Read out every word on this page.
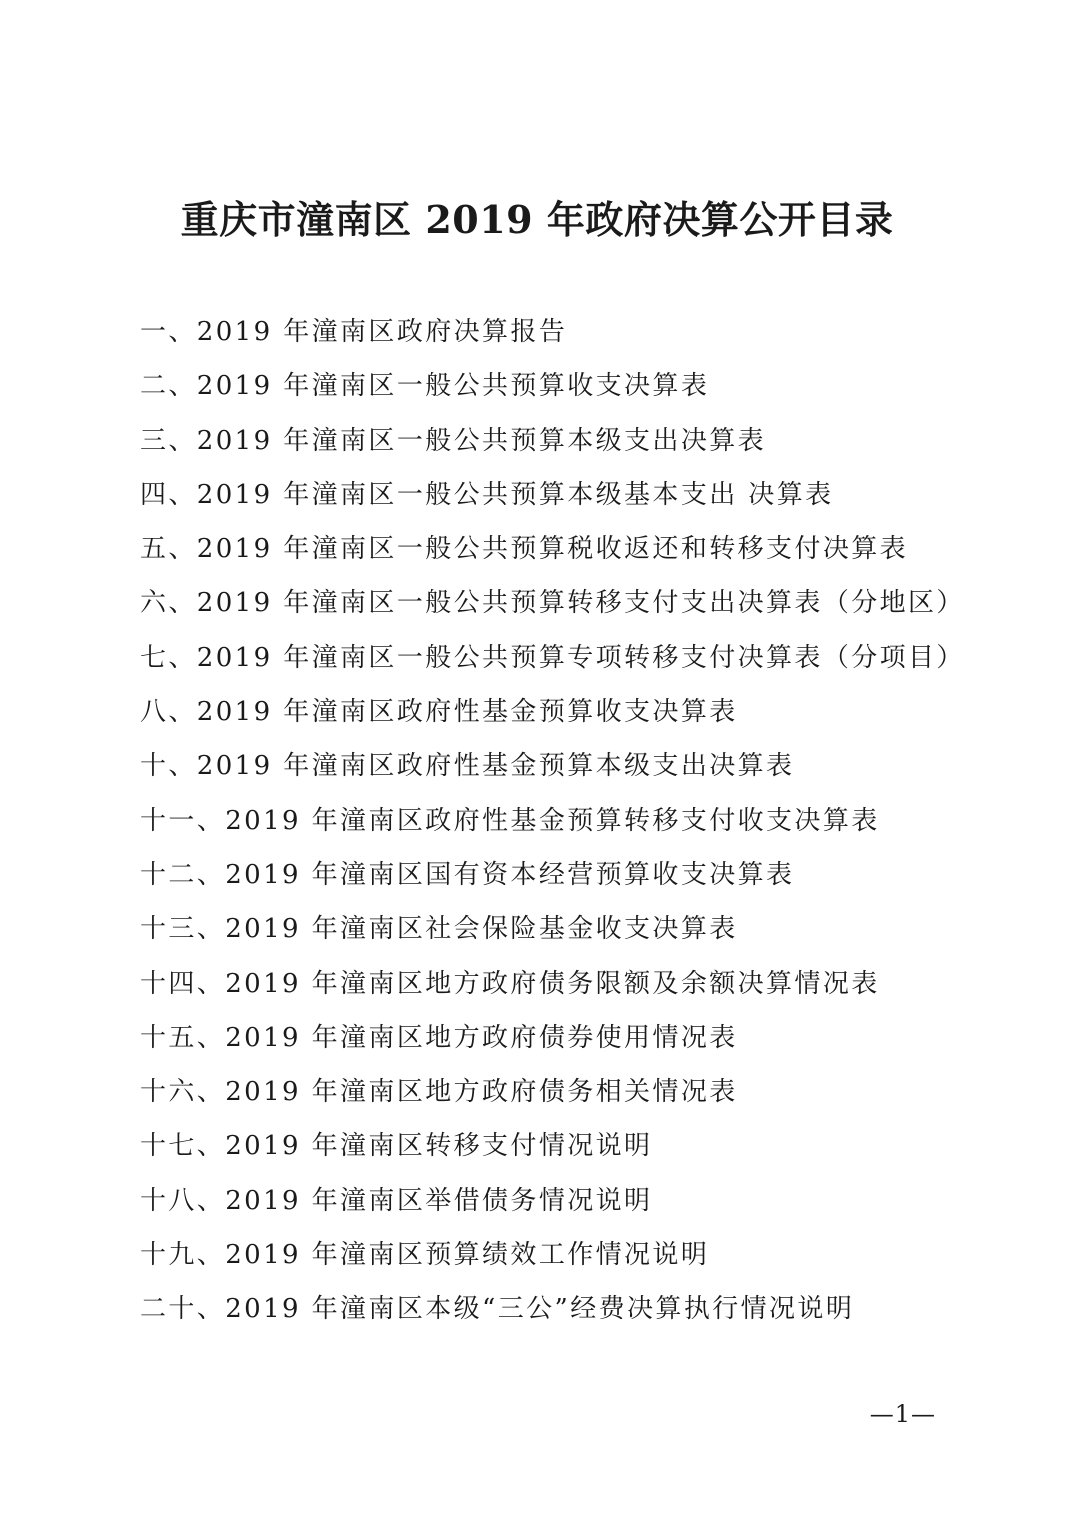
重庆市潼南区 2019 年政府决算公开目录
一、2019 年潼南区政府决算报告
二、2019 年潼南区一般公共预算收支决算表
三、2019 年潼南区一般公共预算本级支出决算表
四、2019 年潼南区一般公共预算本级基本支出 决算表
五、2019 年潼南区一般公共预算税收返还和转移支付决算表
六、2019 年潼南区一般公共预算转移支付支出决算表（分地区）
七、2019 年潼南区一般公共预算专项转移支付决算表（分项目）
八、2019 年潼南区政府性基金预算收支决算表
十、2019 年潼南区政府性基金预算本级支出决算表
十一、2019 年潼南区政府性基金预算转移支付收支决算表
十二、2019 年潼南区国有资本经营预算收支决算表
十三、2019 年潼南区社会保险基金收支决算表
十四、2019 年潼南区地方政府债务限额及余额决算情况表
十五、2019 年潼南区地方政府债券使用情况表
十六、2019 年潼南区地方政府债务相关情况表
十七、2019 年潼南区转移支付情况说明
十八、2019 年潼南区举借债务情况说明
十九、2019 年潼南区预算绩效工作情况说明
二十、2019 年潼南区本级“三公”经费决算执行情况说明
—1—
